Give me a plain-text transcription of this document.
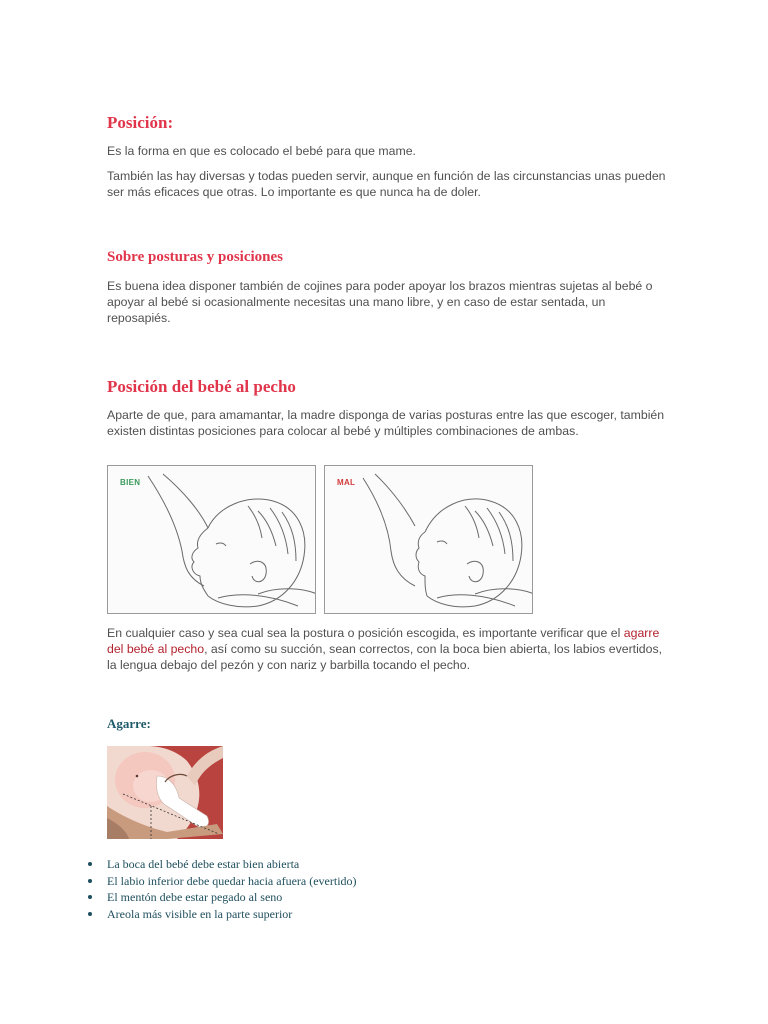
Posición:

Es la forma en que es colocado el bebé para que mame.

También las hay diversas y todas pueden servir, aunque en función de las circunstancias unas pueden ser más eficaces que otras. Lo importante es que nunca ha de doler.

Sobre posturas y posiciones

Es buena idea disponer también de cojines para poder apoyar los brazos mientras sujetas al bebé o apoyar al bebé si ocasionalmente necesitas una mano libre, y en caso de estar sentada, un reposapiés.

Posición del bebé al pecho

Aparte de que, para amamantar, la madre disponga de varias posturas entre las que escoger, también existen distintas posiciones para colocar al bebé y múltiples combinaciones de ambas.

BIEN	MAL

En cualquier caso y sea cual sea la postura o posición escogida, es importante verificar que el agarre del bebé al pecho, así como su succión, sean correctos, con la boca bien abierta, los labios evertidos, la lengua debajo del pezón y con nariz y barbilla tocando el pecho.

Agarre:
La boca del bebé debe estar bien abierta
El labio inferior debe quedar hacia afuera (evertido)
El mentón debe estar pegado al seno
Areola más visible en la parte superior
